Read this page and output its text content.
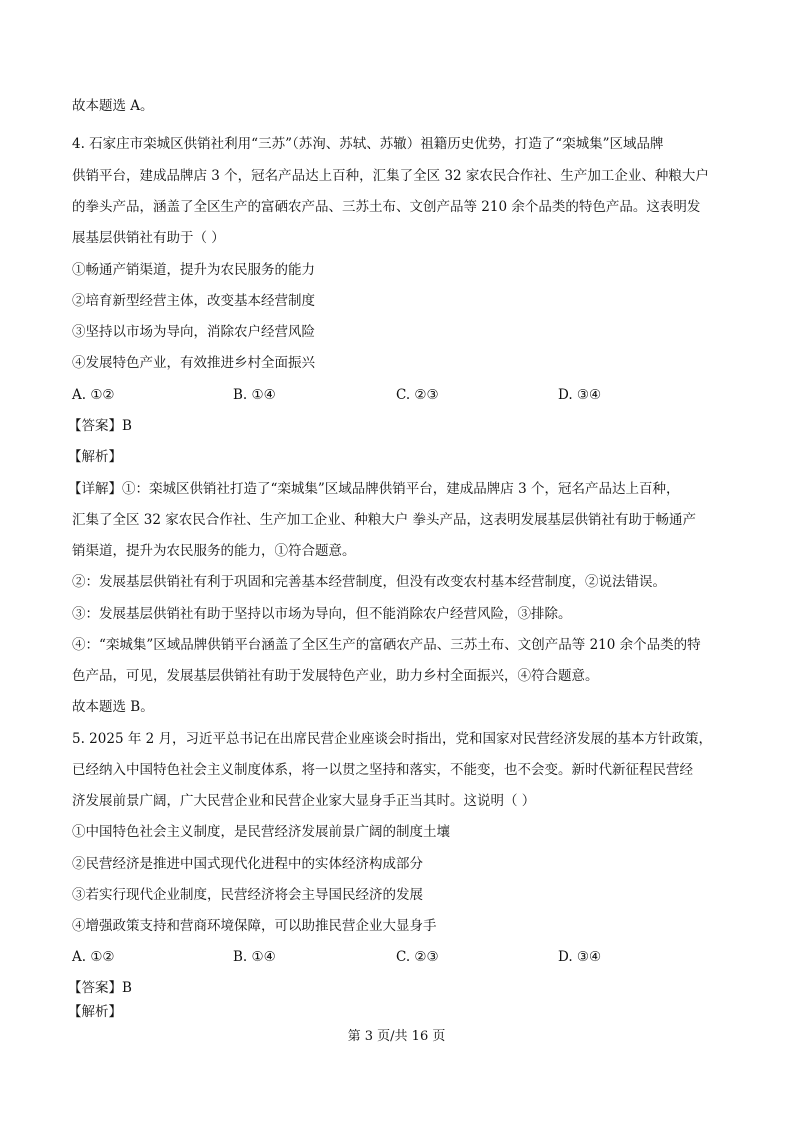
故本题选 A。
4. 石家庄市栾城区供销社利用“三苏”（苏洵、苏轼、苏辙）祖籍历史优势，打造了“栾城集”区域品牌
供销平台，建成品牌店 3 个，冠名产品达上百种，汇集了全区 32 家农民合作社、生产加工企业、种粮大户
的拳头产品，涵盖了全区生产的富硒农产品、三苏土布、文创产品等 210 余个品类的特色产品。这表明发
展基层供销社有助于（ ）
①畅通产销渠道，提升为农民服务的能力
②培育新型经营主体，改变基本经营制度
③坚持以市场为导向，消除农户经营风险
④发展特色产业，有效推进乡村全面振兴
A. ①②	B. ①④	C. ②③	D. ③④
【答案】B
【解析】
【详解】①：栾城区供销社打造了“栾城集”区域品牌供销平台，建成品牌店 3 个，冠名产品达上百种，
汇集了全区 32 家农民合作社、生产加工企业、种粮大户 拳头产品，这表明发展基层供销社有助于畅通产
销渠道，提升为农民服务的能力，①符合题意。
②：发展基层供销社有利于巩固和完善基本经营制度，但没有改变农村基本经营制度，②说法错误。
③：发展基层供销社有助于坚持以市场为导向，但不能消除农户经营风险，③排除。
④：“栾城集”区域品牌供销平台涵盖了全区生产的富硒农产品、三苏土布、文创产品等 210 余个品类的特
色产品，可见，发展基层供销社有助于发展特色产业，助力乡村全面振兴，④符合题意。
故本题选 B。
5. 2025 年 2 月，习近平总书记在出席民营企业座谈会时指出，党和国家对民营经济发展的基本方针政策，
已经纳入中国特色社会主义制度体系，将一以贯之坚持和落实，不能变，也不会变。新时代新征程民营经
济发展前景广阔，广大民营企业和民营企业家大显身手正当其时。这说明（ ）
①中国特色社会主义制度，是民营经济发展前景广阔的制度土壤
②民营经济是推进中国式现代化进程中的实体经济构成部分
③若实行现代企业制度，民营经济将会主导国民经济的发展
④增强政策支持和营商环境保障，可以助推民营企业大显身手
A. ①②	B. ①④	C. ②③	D. ③④
【答案】B
【解析】
第 3 页/共 16 页
